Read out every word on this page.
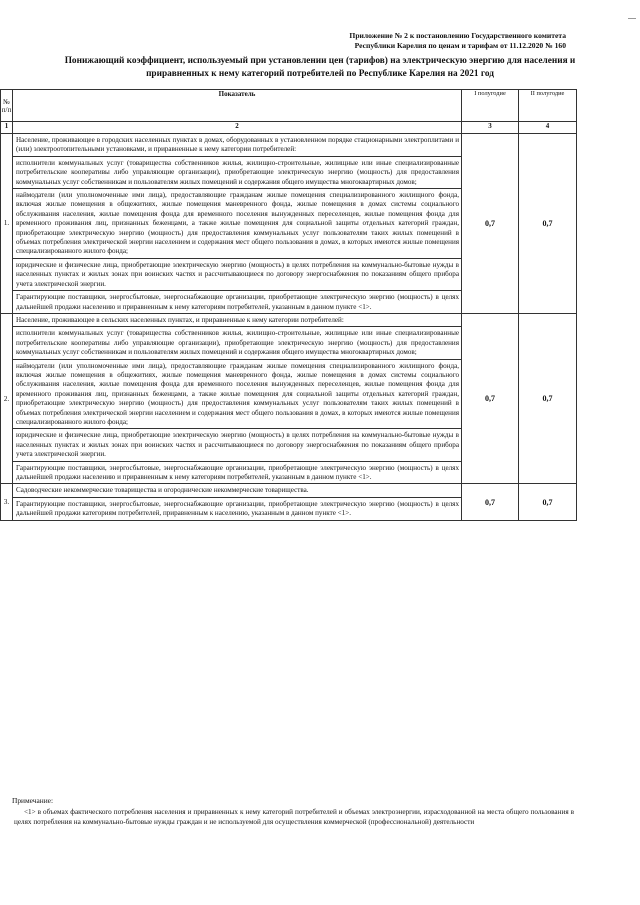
Приложение № 2 к постановлению Государственного комитета
Республики Карелия по ценам и тарифам от 11.12.2020 № 160
Понижающий коэффициент, используемый при установлении цен (тарифов) на электрическую энергию для населения и
приравненных к нему категорий потребителей по Республике Карелия на 2021 год
№ п/п	Показатель	I полугодие	II полугодие
1	2	3	4
1.	Население, проживающее в городских населенных пунктах в домах, оборудованных в установленном порядке стационарными электроплитами и (или) электроотопительными установками, и приравненные к нему категории потребителей:
исполнители коммунальных услуг (товарищества собственников жилья, жилищно-строительные, жилищные или иные специализированные потребительские кооперативы либо управляющие организации), приобретающие электрическую энергию (мощность) для предоставления коммунальных услуг собственникам и пользователям жилых помещений и содержания общего имущества многоквартирных домов;
наймодатели (или уполномоченные ими лица), предоставляющие гражданам жилые помещения специализированного жилищного фонда, включая жилые помещения в общежитиях, жилые помещения маневренного фонда, жилые помещения в домах системы социального обслуживания населения, жилые помещения фонда для временного поселения вынужденных переселенцев, жилые помещения фонда для временного проживания лиц, признанных беженцами, а также жилые помещения для социальной защиты отдельных категорий граждан, приобретающие электрическую энергию (мощность) для предоставления коммунальных услуг пользователям таких жилых помещений в объемах потребления электрической энергии населением и содержания мест общего пользования в домах, в которых имеются жилые помещения специализированного жилого фонда;
юридические и физические лица, приобретающие электрическую энергию (мощность) в целях потребления на коммунально-бытовые нужды в населенных пунктах и жилых зонах при воинских частях и рассчитывающиеся по договору энергоснабжения по показаниям общего прибора учета электрической энергии.
Гарантирующие поставщики, энергосбытовые, энергоснабжающие организации, приобретающие электрическую энергию (мощность) в целях дальнейшей продажи населению и приравненным к нему категориям потребителей, указанным в данном пункте <1>.	0,7	0,7
2.	Население, проживающее в сельских населенных пунктах, и приравненные к нему категории потребителей:
исполнители коммунальных услуг (товарищества собственников жилья, жилищно-строительные, жилищные или иные специализированные потребительские кооперативы либо управляющие организации), приобретающие электрическую энергию (мощность) для предоставления коммунальных услуг собственникам и пользователям жилых помещений и содержания общего имущества многоквартирных домов;
наймодатели (или уполномоченные ими лица), предоставляющие гражданам жилые помещения специализированного жилищного фонда, включая жилые помещения в общежитиях, жилые помещения маневренного фонда, жилые помещения в домах системы социального обслуживания населения, жилые помещения фонда для временного поселения вынужденных переселенцев, жилые помещения фонда для временного проживания лиц, признанных беженцами, а также жилые помещения для социальной защиты отдельных категорий граждан, приобретающие электрическую энергию (мощность) для предоставления коммунальных услуг пользователям таких жилых помещений в объемах потребления электрической энергии населением и содержания мест общего пользования в домах, в которых имеются жилые помещения специализированного жилого фонда;
юридические и физические лица, приобретающие электрическую энергию (мощность) в целях потребления на коммунально-бытовые нужды в населенных пунктах и жилых зонах при воинских частях и рассчитывающиеся по договору энергоснабжения по показаниям общего прибора учета электрической энергии.
Гарантирующие поставщики, энергосбытовые, энергоснабжающие организации, приобретающие электрическую энергию (мощность) в целях дальнейшей продажи населению и приравненным к нему категориям потребителей, указанным в данном пункте <1>.	0,7	0,7
3.	Садоводческие некоммерческие товарищества и огороднические некоммерческие товарищества.
Гарантирующие поставщики, энергосбытовые, энергоснабжающие организации, приобретающие электрическую энергию (мощность) в целях дальнейшей продажи категориям потребителей, приравненным к населению, указанным в данном пункте <1>.	0,7	0,7
Примечание:
<1> в объемах фактического потребления населения и приравненных к нему категорий потребителей и объемах электроэнергии, израсходованной на места общего пользования в целях потребления на коммунально-бытовые нужды граждан и не используемой для осуществления коммерческой (профессиональной) деятельности
